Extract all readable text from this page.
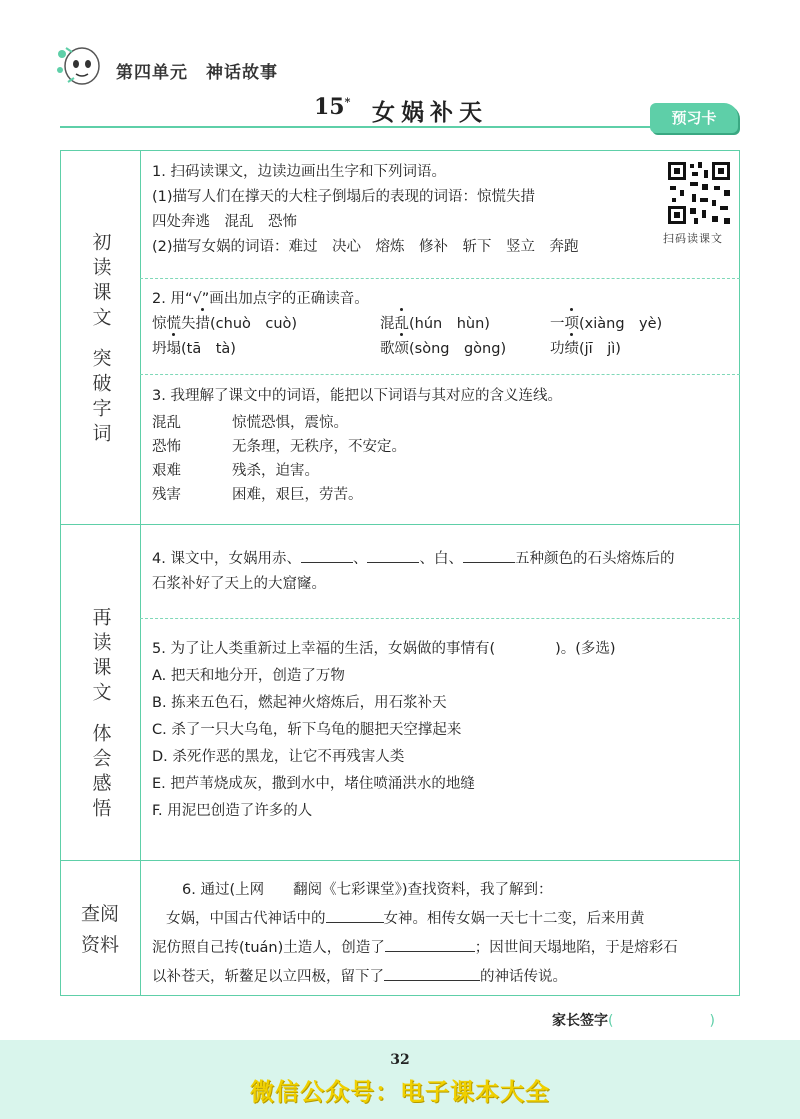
第四单元 神话故事
15* 女娲补天	预习卡
初读课文
突破字词
再读课文
体会感悟
查阅
资料
1. 扫码读课文，边读边画出生字和下列词语。
(1)描写人们在撑天的大柱子倒塌后的表现的词语：惊慌失措
四处奔逃　混乱　恐怖
(2)描写女娲的词语：难过　决心　熔炼　修补　斩下　竖立　奔跑
扫码读课文
2. 用“√”画出加点字的正确读音。
惊慌失措(chuò　cuò)	混乱(hún　hùn)	一项(xiàng　yè)
坍塌(tā　tà)	歌颂(sòng　gòng)	功绩(jī　jì)
3. 我理解了课文中的词语，能把以下词语与其对应的含义连线。
混乱	惊慌恐惧，震惊。
恐怖	无条理，无秩序，不安定。
艰难	残杀，迫害。
残害	困难，艰巨，劳苦。
4. 课文中，女娲用赤、	、	、白、	五种颜色的石头熔炼后的
石浆补好了天上的大窟窿。
5. 为了让人类重新过上幸福的生活，女娲做的事情有(	)。(多选)
A. 把天和地分开，创造了万物
B. 拣来五色石，燃起神火熔炼后，用石浆补天
C. 杀了一只大乌龟，斩下乌龟的腿把天空撑起来
D. 杀死作恶的黑龙，让它不再残害人类
E. 把芦苇烧成灰，撒到水中，堵住喷涌洪水的地缝
F. 用泥巴创造了许多的人
6. 通过(上网　　翻阅《七彩课堂》)查找资料，我了解到：
女娲，中国古代神话中的	女神。相传女娲一天七十二变，后来用黄
泥仿照自己抟(tuán)土造人，创造了	；因世间天塌地陷，于是熔彩石
以补苍天，斩鳌足以立四极，留下了	的神话传说。
家长签字(	)
32
微信公众号：电子课本大全
